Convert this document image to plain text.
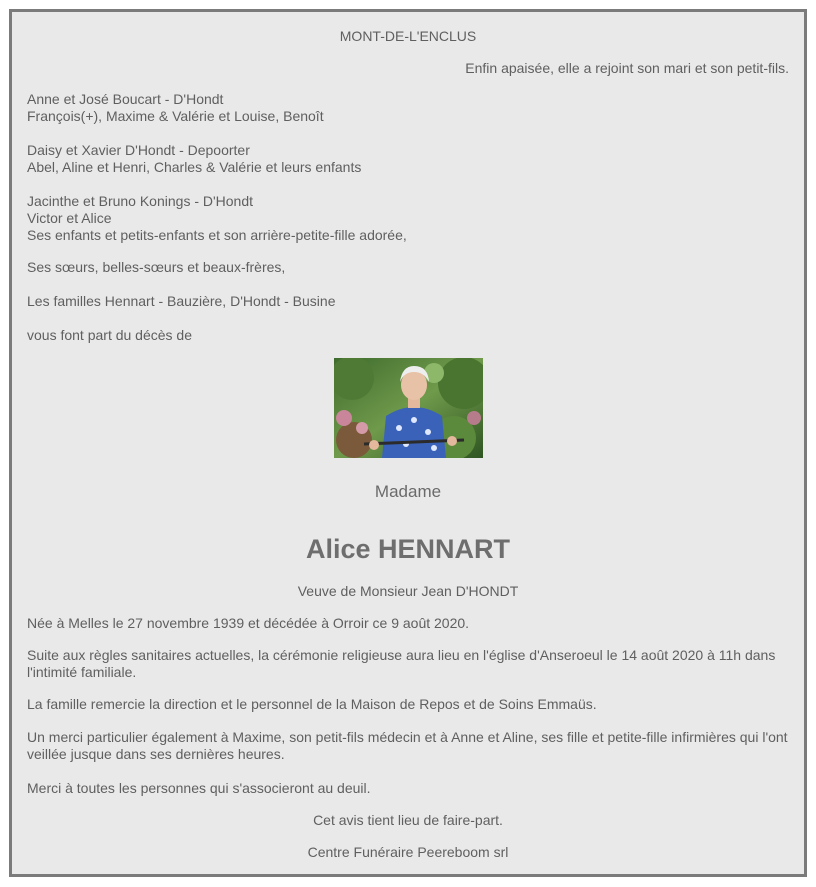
MONT-DE-L'ENCLUS
Enfin apaisée, elle a rejoint son mari et son petit-fils.
Anne et José Boucart - D'Hondt
François(+), Maxime & Valérie et Louise, Benoît
Daisy et Xavier D'Hondt - Depoorter
Abel, Aline et Henri, Charles & Valérie et leurs enfants
Jacinthe et Bruno Konings - D'Hondt
Victor et Alice
Ses enfants et petits-enfants et son arrière-petite-fille adorée,
Ses sœurs, belles-sœurs et beaux-frères,
Les familles Hennart - Bauzière, D'Hondt - Busine
vous font part du décès de
Madame
Alice HENNART
Veuve de Monsieur Jean D'HONDT
Née à Melles le 27 novembre 1939 et décédée à Orroir ce 9 août 2020.
Suite aux règles sanitaires actuelles, la cérémonie religieuse aura lieu en l'église d'Anseroeul le 14 août 2020 à 11h dans l'intimité familiale.
La famille remercie la direction et le personnel de la Maison de Repos et de Soins Emmaüs.
Un merci particulier également à Maxime, son petit-fils médecin et à Anne et Aline, ses fille et petite-fille infirmières qui l'ont veillée jusque dans ses dernières heures.
Merci à toutes les personnes qui s'associeront au deuil.
Cet avis tient lieu de faire-part.
Centre Funéraire Peereboom srl
